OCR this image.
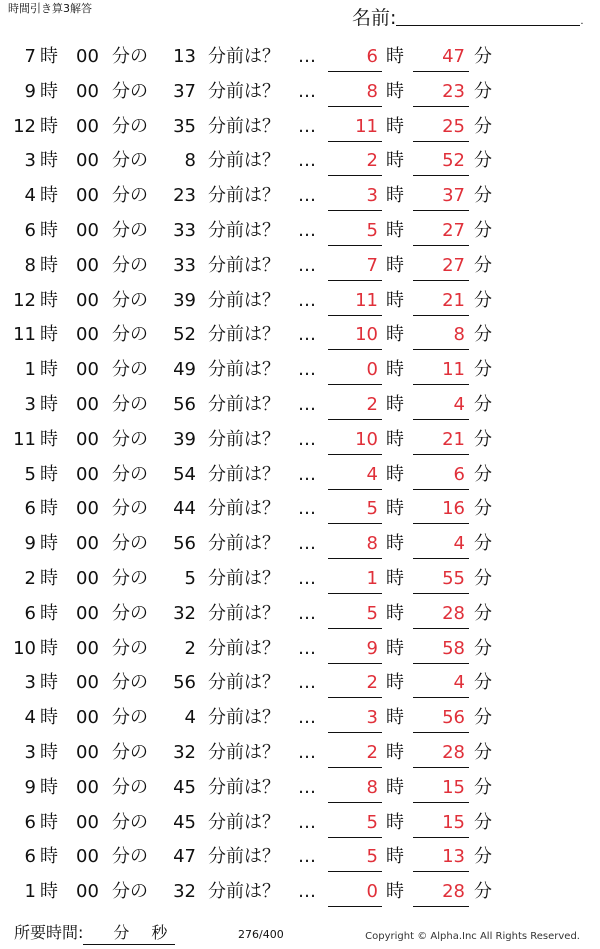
時間引き算3解答	名前:	.
7 時 00 分の	13 分前は？ …	6 時	47 分
9 時 00 分の	37 分前は？ …	8 時	23 分
12 時 00 分の	35 分前は？ …	11 時	25 分
3 時 00 分の	8 分前は？ …	2 時	52 分
4 時 00 分の	23 分前は？ …	3 時	37 分
6 時 00 分の	33 分前は？ …	5 時	27 分
8 時 00 分の	33 分前は？ …	7 時	27 分
12 時 00 分の	39 分前は？ …	11 時	21 分
11 時 00 分の	52 分前は？ …	10 時	8 分
1 時 00 分の	49 分前は？ …	0 時	11 分
3 時 00 分の	56 分前は？ …	2 時	4 分
11 時 00 分の	39 分前は？ …	10 時	21 分
5 時 00 分の	54 分前は？ …	4 時	6 分
6 時 00 分の	44 分前は？ …	5 時	16 分
9 時 00 分の	56 分前は？ …	8 時	4 分
2 時 00 分の	5 分前は？ …	1 時	55 分
6 時 00 分の	32 分前は？ …	5 時	28 分
10 時 00 分の	2 分前は？ …	9 時	58 分
3 時 00 分の	56 分前は？ …	2 時	4 分
4 時 00 分の	4 分前は？ …	3 時	56 分
3 時 00 分の	32 分前は？ …	2 時	28 分
9 時 00 分の	45 分前は？ …	8 時	15 分
6 時 00 分の	45 分前は？ …	5 時	15 分
6 時 00 分の	47 分前は？ …	5 時	13 分
1 時 00 分の	32 分前は？ …	0 時	28 分
所要時間: 分 秒	276/400	Copyright © Alpha.Inc All Rights Reserved.
